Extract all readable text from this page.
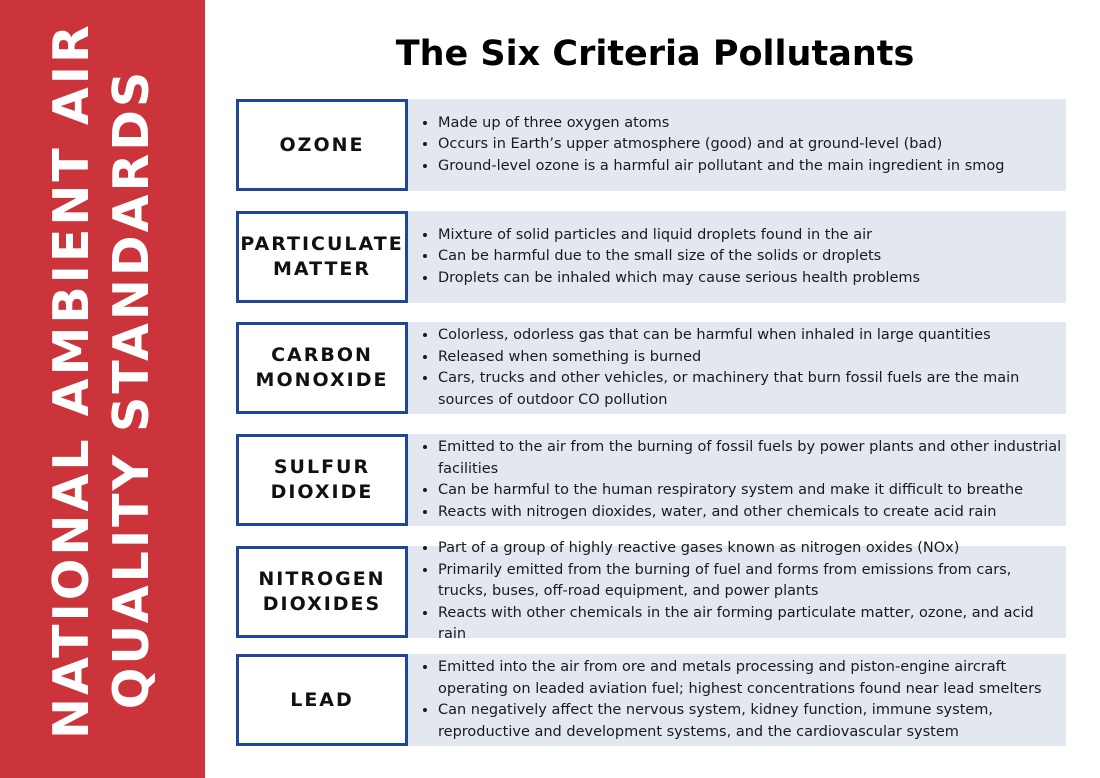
NATIONAL AMBIENT AIR QUALITY STANDARDS
The Six Criteria Pollutants
OZONE
• Made up of three oxygen atoms
• Occurs in Earth’s upper atmosphere (good) and at ground-level (bad)
• Ground-level ozone is a harmful air pollutant and the main ingredient in smog
PARTICULATE
MATTER
• Mixture of solid particles and liquid droplets found in the air
• Can be harmful due to the small size of the solids or droplets
• Droplets can be inhaled which may cause serious health problems
CARBON
MONOXIDE
• Colorless, odorless gas that can be harmful when inhaled in large quantities
• Released when something is burned
• Cars, trucks and other vehicles, or machinery that burn fossil fuels are the main sources of outdoor CO pollution
SULFUR
DIOXIDE
• Emitted to the air from the burning of fossil fuels by power plants and other industrial facilities
• Can be harmful to the human respiratory system and make it difficult to breathe
• Reacts with nitrogen dioxides, water, and other chemicals to create acid rain
NITROGEN
DIOXIDES
• Part of a group of highly reactive gases known as nitrogen oxides (NOx)
• Primarily emitted from the burning of fuel and forms from emissions from cars, trucks, buses, off-road equipment, and power plants
• Reacts with other chemicals in the air forming particulate matter, ozone, and acid rain
LEAD
• Emitted into the air from ore and metals processing and piston-engine aircraft operating on leaded aviation fuel; highest concentrations found near lead smelters
• Can negatively affect the nervous system, kidney function, immune system, reproductive and development systems, and the cardiovascular system
